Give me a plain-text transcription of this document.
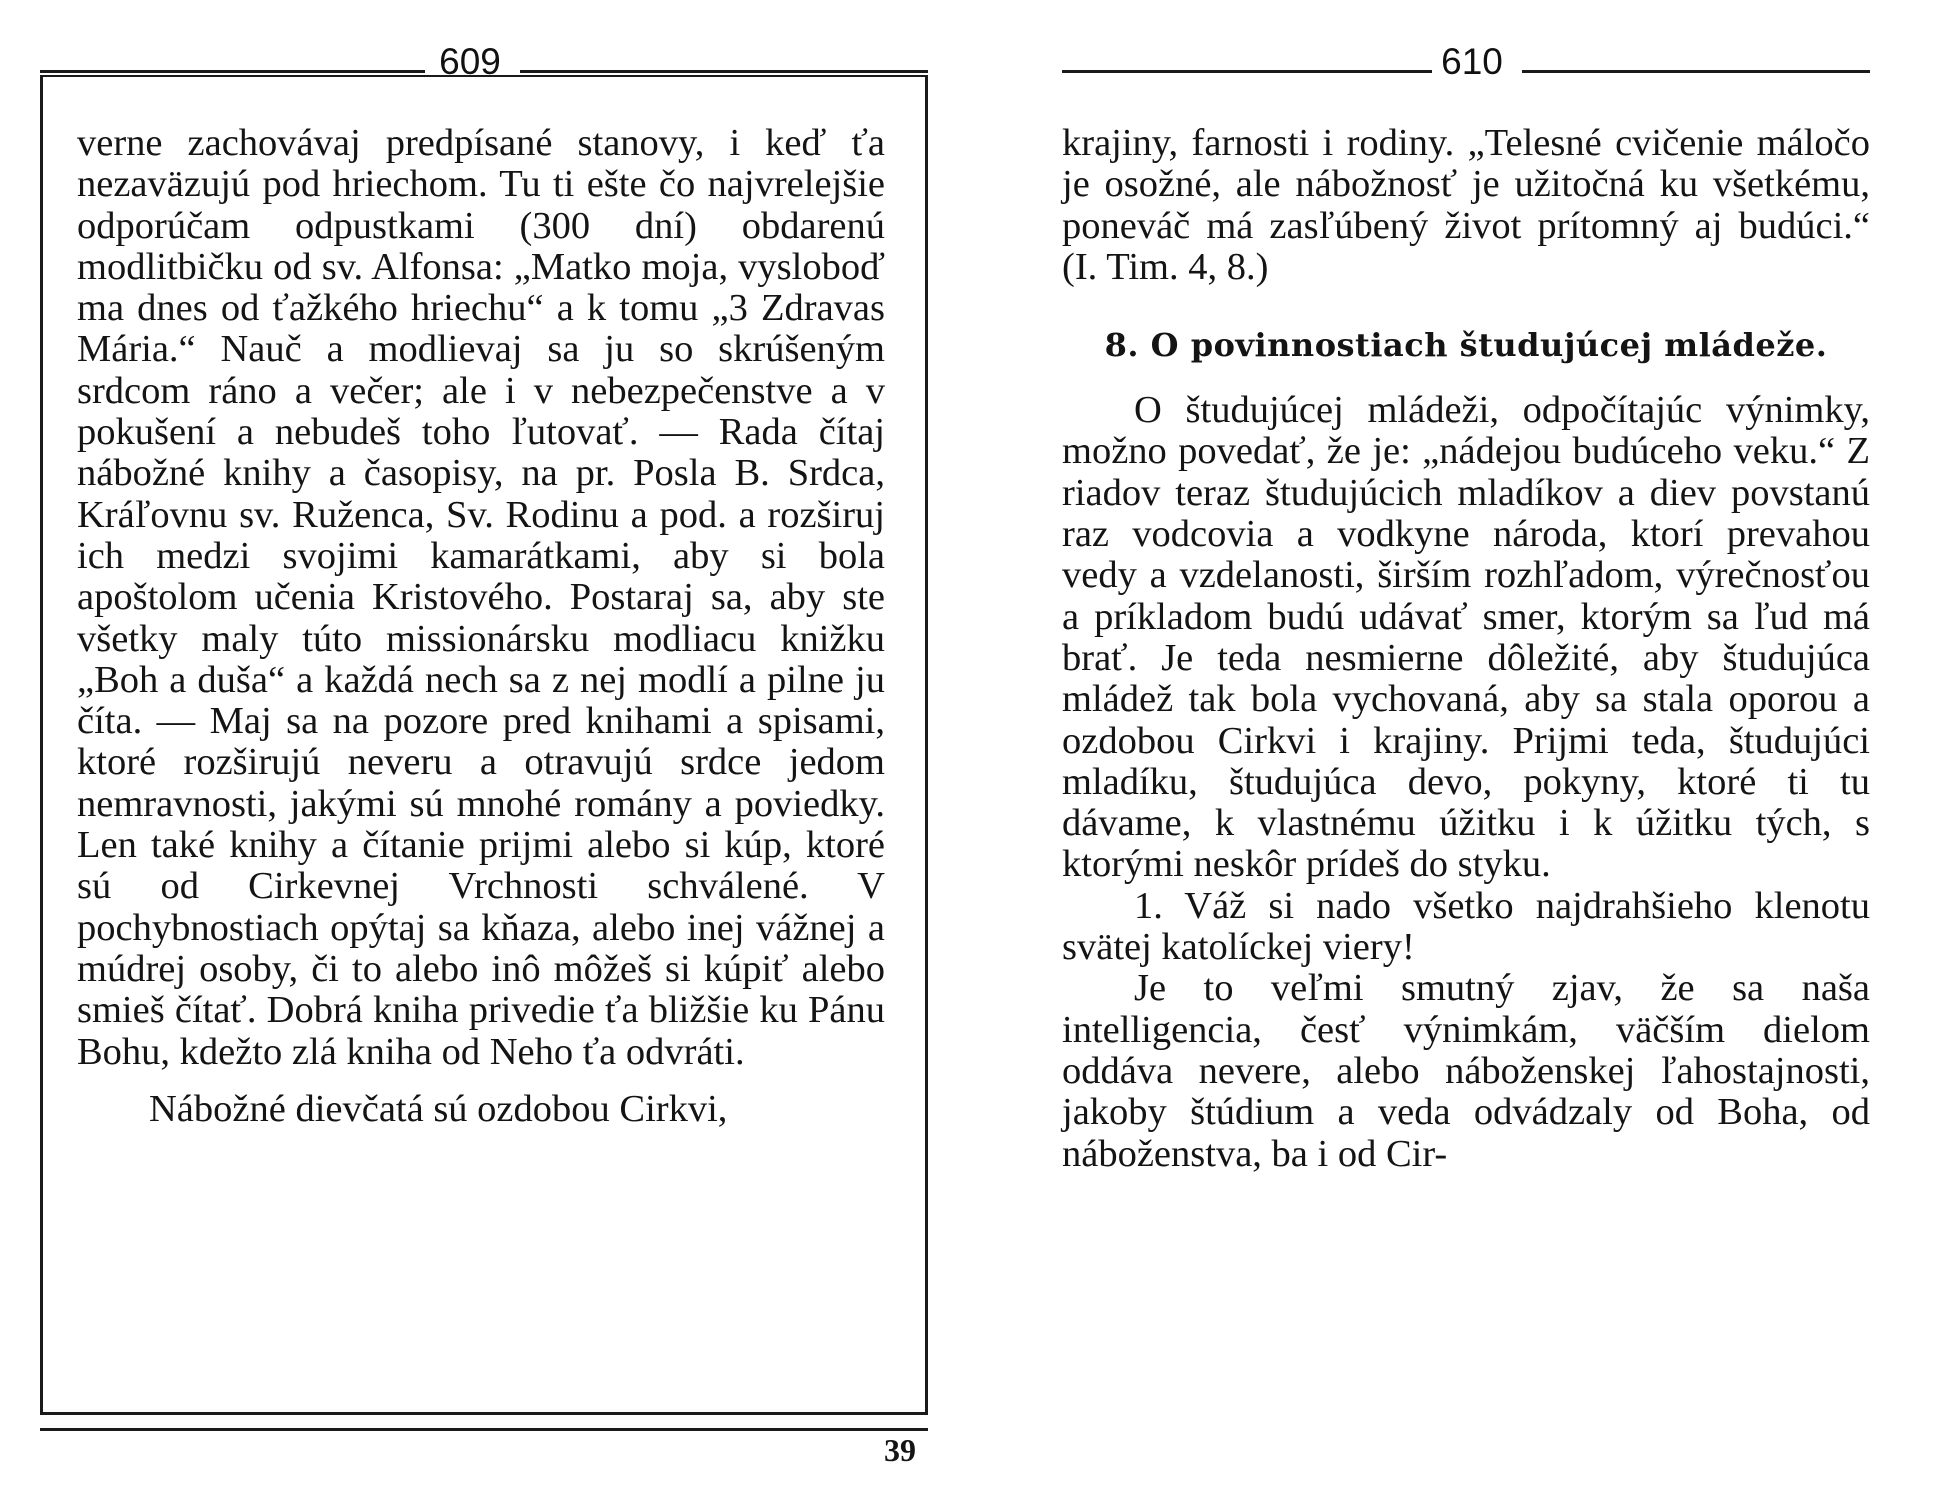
609	610

verne zachovávaj predpísané stanovy, i keď ťa nezaväzujú pod hriechom. Tu ti ešte čo najvrelejšie odporúčam odpustkami (300 dní) obdarenú modlitbičku od sv. Alfonsa: „Matko moja, vyslobоď ma dnes od ťažkého hriechu“ a k tomu „3 Zdravas Mária.“ Nauč a modlievaj sa ju so skrúšeným srdcom ráno a večer; ale i v nebezpečenstve a v pokušení a nebudeš toho ľutovať. — Rada čítaj nábožné knihy a časopisy, na pr. Posla B. Srdca, Kráľovnu sv. Ruženca, Sv. Rodinu a pod. a rozširuj ich medzi svojimi kamarátkami, aby si bola apoštolom učenia Kristového. Postaraj sa, aby ste všetky maly túto missionársku modliacu knižku „Boh a duša“ a každá nech sa z nej modlí a pilne ju číta. — Maj sa na pozore pred knihami a spisami, ktoré rozširujú neveru a otravujú srdce jedom nemravnosti, jakými sú mnohé romány a poviedky. Len také knihy a čítanie prijmi alebo si kúp, ktoré sú od Cirkevnej Vrchnosti schválené. V pochybnostiach opýtaj sa kňaza, alebo inej vážnej a múdrej osoby, či to alebo inô môžeš si kúpiť alebo smieš čítať. Dobrá kniha privedie ťa bližšie ku Pánu Bohu, kdežto zlá kniha od Neho ťa odvráti.

Nábožné dievčatá sú ozdobou Cirkvi,

krajiny, farnosti i rodiny. „Telesné cvičenie máločo je osožné, ale nábožnosť je užitočná ku všetkému, poneváč má zasľúbený život prítomný aj budúci.“ (I. Tim. 4, 8.)

8. O povinnostiach študujúcej mládeže.

O študujúcej mládeži, odpočítajúc výnimky, možno povedať, že je: „nádejou budúceho veku.“ Z riadov teraz študujúcich mladíkov a diev povstanú raz vodcovia a vodkyne národa, ktorí prevahou vedy a vzdelanosti, širším rozhľadom, výrečnosťou a príkladom budú udávať smer, ktorým sa ľud má brať. Je teda nesmierne dôležité, aby študujúca mládež tak bola vychovaná, aby sa stala oporou a ozdobou Cirkvi i krajiny. Prijmi teda, študujúci mladíku, študujúca devo, pokyny, ktoré ti tu dávame, k vlastnému úžitku i k úžitku tých, s ktorými neskôr prídeš do styku.

1. Váž si nado všetko najdrahšieho klenotu svätej katolíckej viery!

Je to veľmi smutný zjav, že sa naša intelligencia, česť výnimkám, väčším dielom oddáva nevere, alebo náboženskej ľahostajnosti, jakoby štúdium a veda odvádzaly od Boha, od náboženstva, ba i od Cir-

39
